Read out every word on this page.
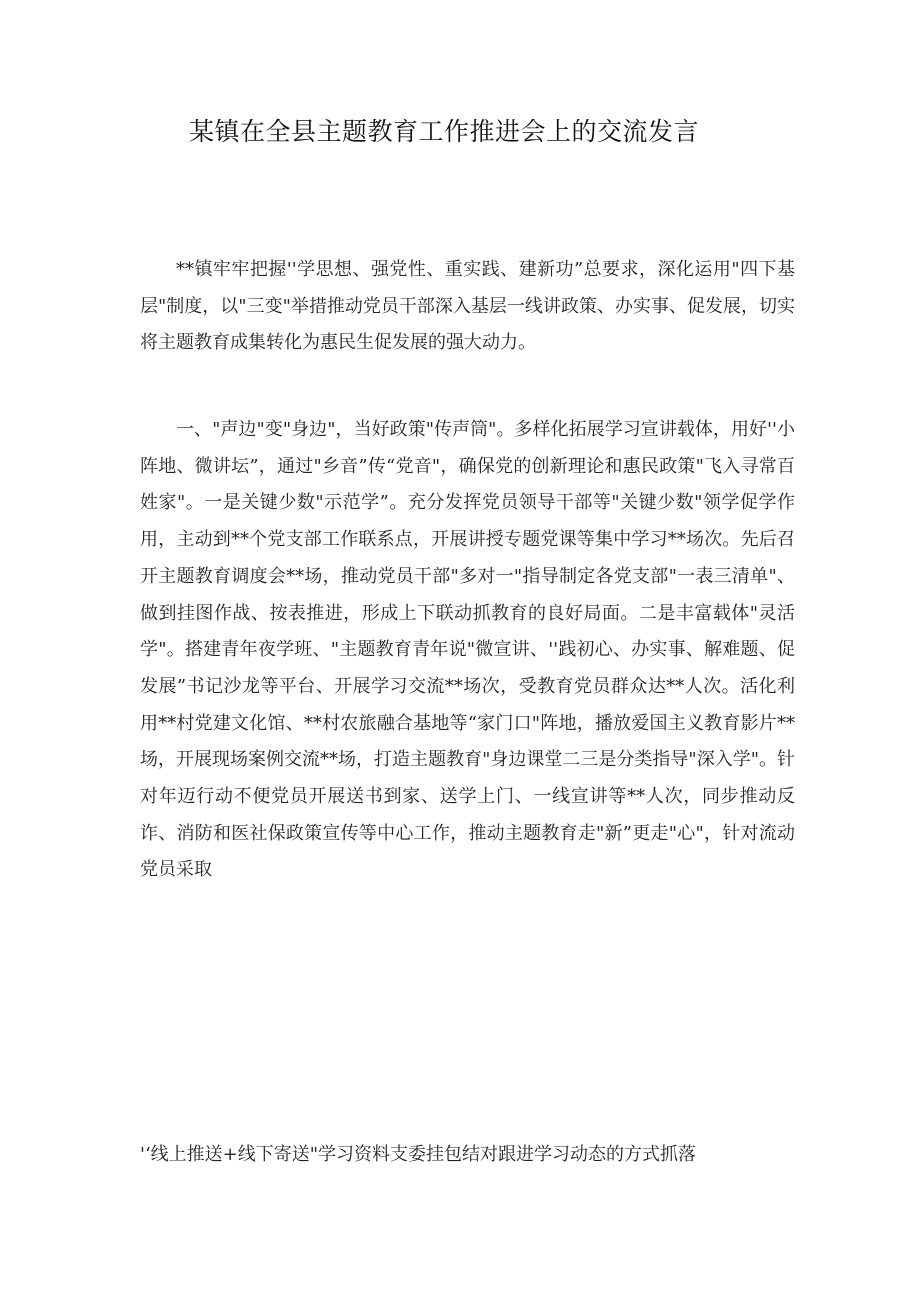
某镇在全县主题教育工作推进会上的交流发言

**镇牢牢把握''学思想、强党性、重实践、建新功”总要求，深化运用"四下基层"制度，以"三变"举措推动党员干部深入基层一线讲政策、办实事、促发展，切实将主题教育成集转化为惠民生促发展的强大动力。

一、"声边"变"身边"，当好政策"传声筒"。多样化拓展学习宣讲载体，用好''小阵地、微讲坛”，通过"乡音”传“党音"，确保党的创新理论和惠民政策"飞入寻常百姓家"。一是关键少数"示范学”。充分发挥党员领导干部等"关键少数"领学促学作用，主动到**个党支部工作联系点，开展讲授专题党课等集中学习**场次。先后召开主题教育调度会**场，推动党员干部"多对一"指导制定各党支部"一表三清单"、做到挂图作战、按表推进，形成上下联动抓教育的良好局面。二是丰富载体"灵活学"。搭建青年夜学班、"主题教育青年说"微宣讲、''践初心、办实事、解难题、促发展”书记沙龙等平台、开展学习交流**场次，受教育党员群众达**人次。活化利用**村党建文化馆、**村农旅融合基地等“家门口"阵地，播放爱国主义教育影片**场，开展现场案例交流**场，打造主题教育"身边课堂二三是分类指导"深入学"。针对年迈行动不便党员开展送书到家、送学上门、一线宣讲等**人次，同步推动反诈、消防和医社保政策宣传等中心工作，推动主题教育走"新”更走"心"，针对流动党员采取

'‘线上推送+线下寄送"学习资料支委挂包结对跟进学习动态的方式抓落
